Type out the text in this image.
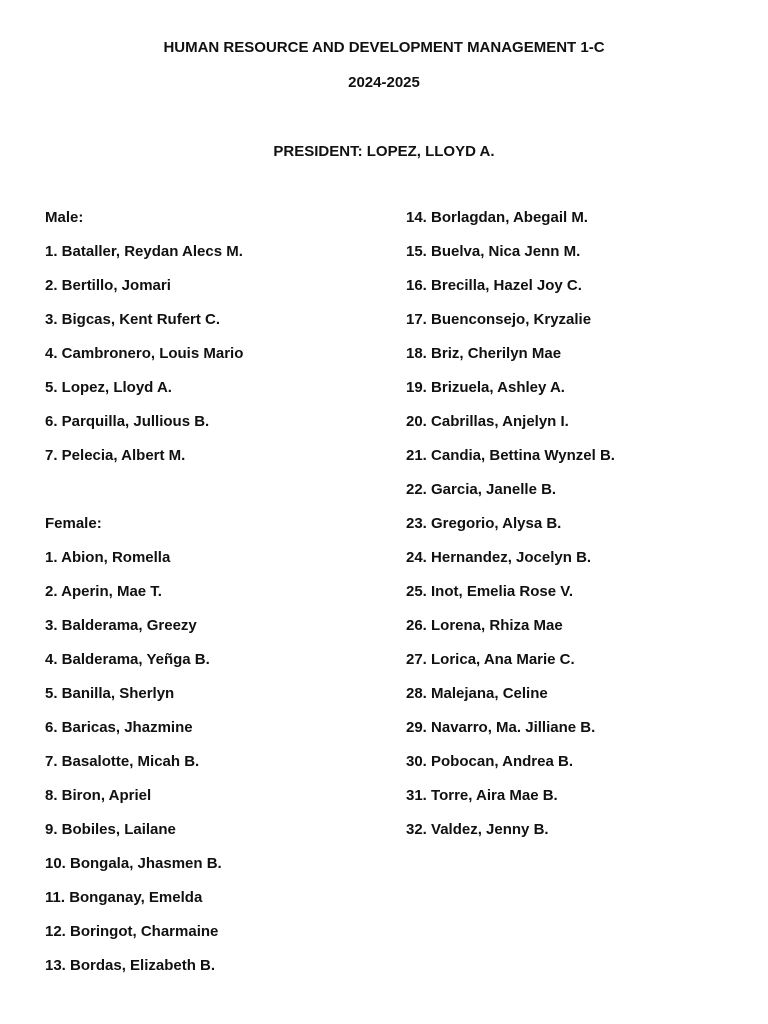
HUMAN RESOURCE AND DEVELOPMENT MANAGEMENT 1-C
2024-2025
PRESIDENT: LOPEZ, LLOYD A.
Male:
1. Bataller, Reydan Alecs M.
2. Bertillo, Jomari
3. Bigcas, Kent Rufert C.
4. Cambronero, Louis Mario
5. Lopez, Lloyd A.
6. Parquilla, Jullious B.
7. Pelecia, Albert M.
Female:
1. Abion, Romella
2. Aperin, Mae T.
3. Balderama, Greezy
4. Balderama, Yeñga B.
5. Banilla, Sherlyn
6. Baricas, Jhazmine
7. Basalotte, Micah B.
8. Biron, Apriel
9. Bobiles, Lailane
10. Bongala, Jhasmen B.
11. Bonganay, Emelda
12. Boringot, Charmaine
13. Bordas, Elizabeth B.
14. Borlagdan, Abegail M.
15. Buelva, Nica Jenn M.
16. Brecilla, Hazel Joy C.
17. Buenconsejo, Kryzalie
18. Briz, Cherilyn Mae
19. Brizuela, Ashley A.
20. Cabrillas, Anjelyn I.
21. Candia, Bettina Wynzel B.
22. Garcia, Janelle B.
23. Gregorio, Alysa B.
24. Hernandez, Jocelyn B.
25. Inot, Emelia Rose V.
26. Lorena, Rhiza Mae
27. Lorica, Ana Marie C.
28. Malejana, Celine
29. Navarro, Ma. Jilliane B.
30. Pobocan, Andrea B.
31. Torre, Aira Mae B.
32. Valdez, Jenny B.
